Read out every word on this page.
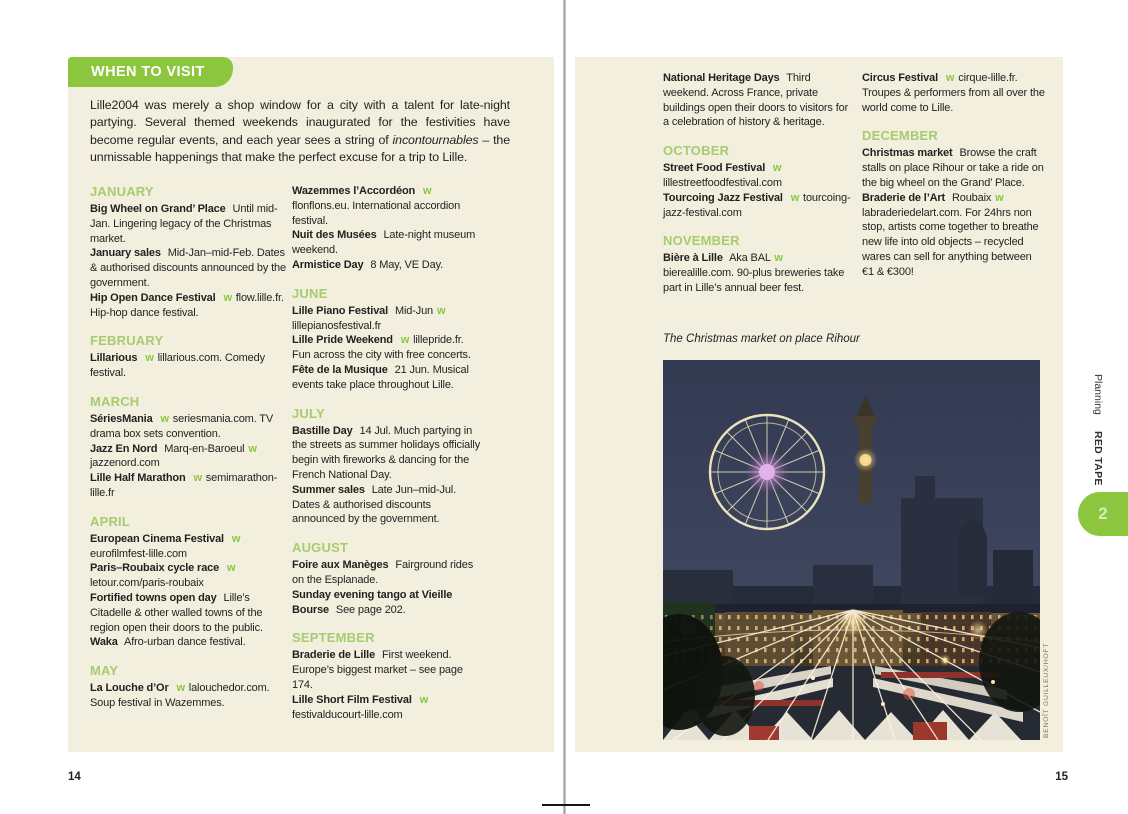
WHEN TO VISIT

Lille2004 was merely a shop window for a city with a talent for late-night partying. Several themed weekends inaugurated for the festivities have become regular events, and each year sees a string of incontournables – the unmissable happenings that make the perfect excuse for a trip to Lille.

JANUARY

Big Wheel on Grand’ Place Until mid-Jan. Lingering legacy of the Christmas market.

January sales Mid-Jan–mid-Feb. Dates & authorised discounts announced by the government.

Hip Open Dance Festival w flow.lille.fr. Hip-hop dance festival.

FEBRUARY

Lillarious w lillarious.com. Comedy festival.

MARCH

SériesMania w seriesmania.com. TV drama box sets convention.

Jazz En Nord Marq-en-Baroeul w jazzenord.com

Lille Half Marathon w semimarathon-lille.fr

APRIL

European Cinema Festival w eurofilmfest-lille.com

Paris–Roubaix cycle race w letour.com/paris-roubaix

Fortified towns open day Lille’s Citadelle & other walled towns of the region open their doors to the public.

Waka Afro-urban dance festival.

MAY

La Louche d’Or w lalouchedor.com. Soup festival in Wazemmes.

Wazemmes l’Accordéon w flonflons.eu. International accordion festival.

Nuit des Musées Late-night museum weekend.

Armistice Day 8 May, VE Day.

JUNE

Lille Piano Festival Mid-Jun w lillepianosfestival.fr

Lille Pride Weekend w lillepride.fr. Fun across the city with free concerts.

Fête de la Musique 21 Jun. Musical events take place throughout Lille.

JULY

Bastille Day 14 Jul. Much partying in the streets as summer holidays officially begin with fireworks & dancing for the French National Day.

Summer sales Late Jun–mid-Jul. Dates & authorised discounts announced by the government.

AUGUST

Foire aux Manèges Fairground rides on the Esplanade.

Sunday evening tango at Vieille Bourse See page 202.

SEPTEMBER

Braderie de Lille First weekend. Europe’s biggest market – see page 174.

Lille Short Film Festival w festivalducourt-lille.com

National Heritage Days Third weekend. Across France, private buildings open their doors to visitors for a celebration of history & heritage.

OCTOBER

Street Food Festival w lillestreetfoodfestival.com

Tourcoing Jazz Festival w tourcoing-jazz-festival.com

NOVEMBER

Bière à Lille Aka BAL w bierealille.com. 90-plus breweries take part in Lille’s annual beer fest.

Circus Festival w cirque-lille.fr. Troupes & performers from all over the world come to Lille.

DECEMBER

Christmas market Browse the craft stalls on place Rihour or take a ride on the big wheel on the Grand’ Place.

Braderie de l’Art Roubaix w labraderiedelart.com. For 24hrs non stop, artists come together to breathe new life into old objects – recycled wares can sell for anything between €1 & €300!

The Christmas market on place Rihour
BENOÎT GUILLEUX/HOFT
Planning
RED TAPE
2
14	15
